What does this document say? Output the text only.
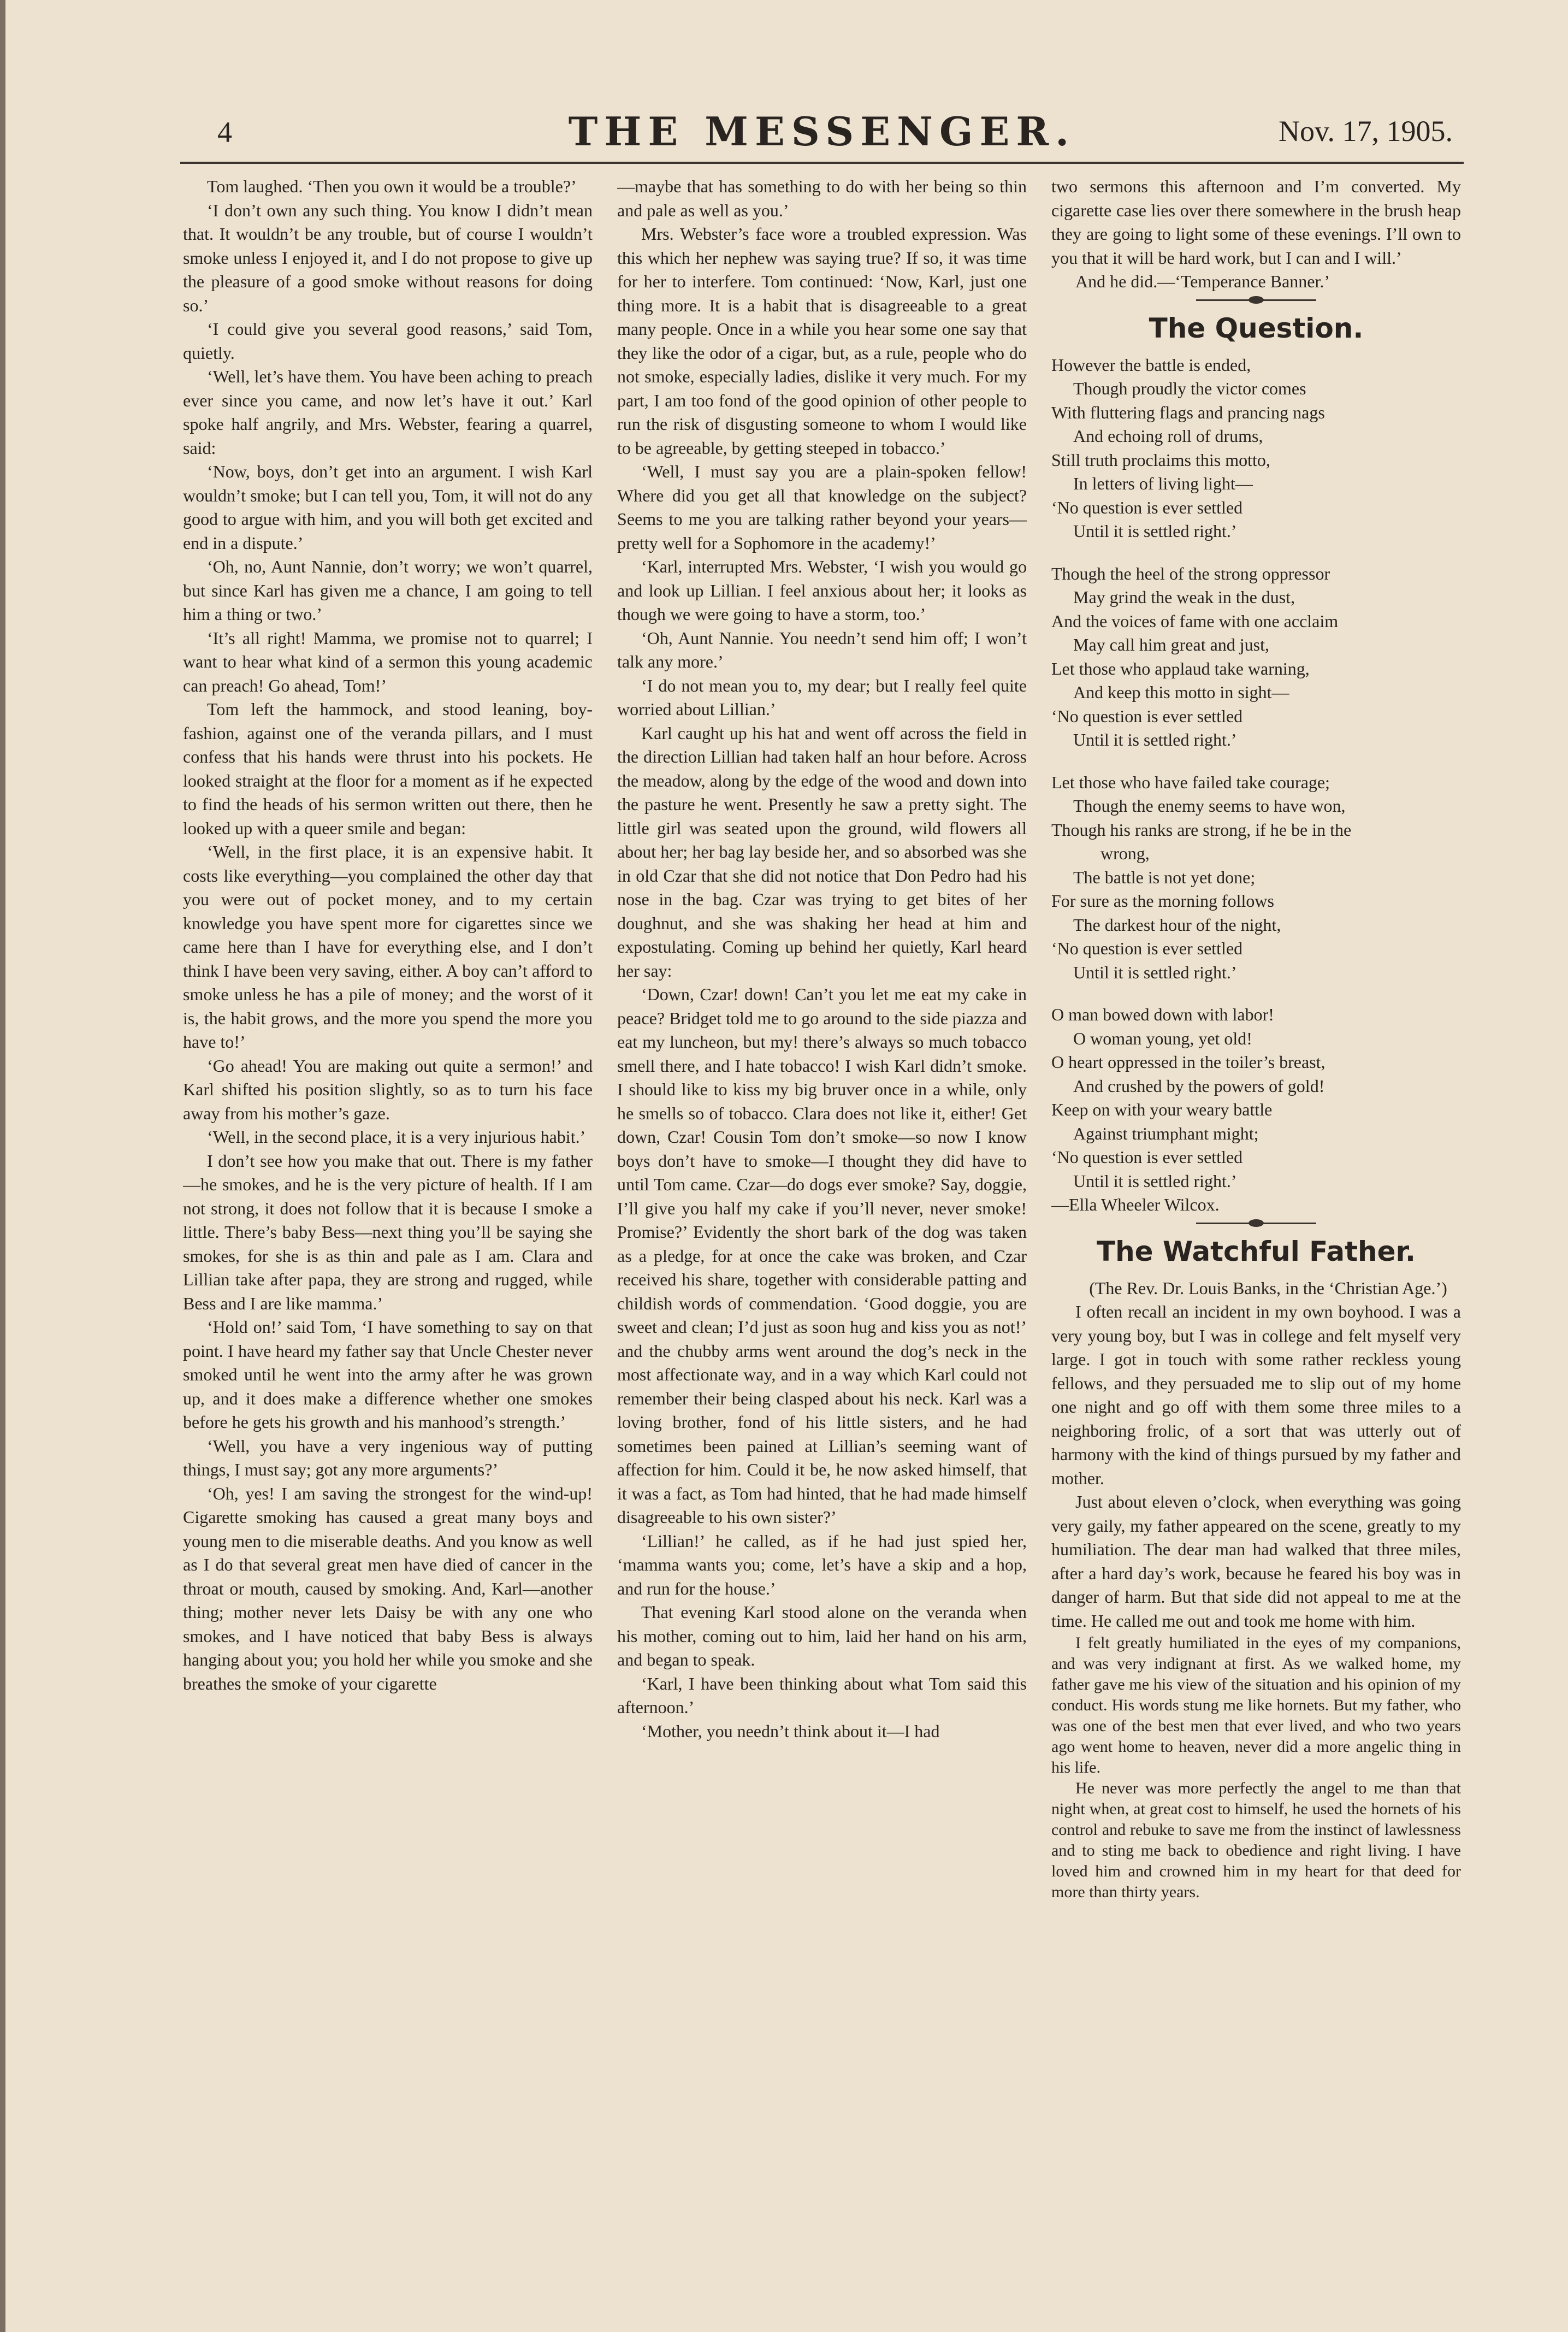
4	THE MESSENGER.	Nov. 17, 1905.

Tom laughed. ‘Then you own it would be a trouble?’

‘I don’t own any such thing. You know I didn’t mean that. It wouldn’t be any trouble, but of course I wouldn’t smoke unless I enjoyed it, and I do not propose to give up the pleasure of a good smoke without reasons for doing so.’

‘I could give you several good reasons,’ said Tom, quietly.

‘Well, let’s have them. You have been aching to preach ever since you came, and now let’s have it out.’ Karl spoke half angrily, and Mrs. Webster, fearing a quarrel, said:

‘Now, boys, don’t get into an argument. I wish Karl wouldn’t smoke; but I can tell you, Tom, it will not do any good to argue with him, and you will both get excited and end in a dispute.’

‘Oh, no, Aunt Nannie, don’t worry; we won’t quarrel, but since Karl has given me a chance, I am going to tell him a thing or two.’

‘It’s all right! Mamma, we promise not to quarrel; I want to hear what kind of a sermon this young academic can preach! Go ahead, Tom!’

Tom left the hammock, and stood leaning, boy-fashion, against one of the veranda pillars, and I must confess that his hands were thrust into his pockets. He looked straight at the floor for a moment as if he expected to find the heads of his sermon written out there, then he looked up with a queer smile and began:

‘Well, in the first place, it is an expensive habit. It costs like everything—you complained the other day that you were out of pocket money, and to my certain knowledge you have spent more for cigarettes since we came here than I have for everything else, and I don’t think I have been very saving, either. A boy can’t afford to smoke unless he has a pile of money; and the worst of it is, the habit grows, and the more you spend the more you have to!’

‘Go ahead! You are making out quite a sermon!’ and Karl shifted his position slightly, so as to turn his face away from his mother’s gaze.

‘Well, in the second place, it is a very injurious habit.’

I don’t see how you make that out. There is my father—he smokes, and he is the very picture of health. If I am not strong, it does not follow that it is because I smoke a little. There’s baby Bess—next thing you’ll be saying she smokes, for she is as thin and pale as I am. Clara and Lillian take after papa, they are strong and rugged, while Bess and I are like mamma.’

‘Hold on!’ said Tom, ‘I have something to say on that point. I have heard my father say that Uncle Chester never smoked until he went into the army after he was grown up, and it does make a difference whether one smokes before he gets his growth and his manhood’s strength.’

‘Well, you have a very ingenious way of putting things, I must say; got any more arguments?’

‘Oh, yes! I am saving the strongest for the wind-up! Cigarette smoking has caused a great many boys and young men to die miserable deaths. And you know as well as I do that several great men have died of cancer in the throat or mouth, caused by smoking. And, Karl—another thing; mother never lets Daisy be with any one who smokes, and I have noticed that baby Bess is always hanging about you; you hold her while you smoke and she breathes the smoke of your cigarette

—maybe that has something to do with her being so thin and pale as well as you.’

Mrs. Webster’s face wore a troubled expression. Was this which her nephew was saying true? If so, it was time for her to interfere. Tom continued: ‘Now, Karl, just one thing more. It is a habit that is disagreeable to a great many people. Once in a while you hear some one say that they like the odor of a cigar, but, as a rule, people who do not smoke, especially ladies, dislike it very much. For my part, I am too fond of the good opinion of other people to run the risk of disgusting someone to whom I would like to be agreeable, by getting steeped in tobacco.’

‘Well, I must say you are a plain-spoken fellow! Where did you get all that knowledge on the subject? Seems to me you are talking rather beyond your years—pretty well for a Sophomore in the academy!’

‘Karl, interrupted Mrs. Webster, ‘I wish you would go and look up Lillian. I feel anxious about her; it looks as though we were going to have a storm, too.’

‘Oh, Aunt Nannie. You needn’t send him off; I won’t talk any more.’

‘I do not mean you to, my dear; but I really feel quite worried about Lillian.’

Karl caught up his hat and went off across the field in the direction Lillian had taken half an hour before. Across the meadow, along by the edge of the wood and down into the pasture he went. Presently he saw a pretty sight. The little girl was seated upon the ground, wild flowers all about her; her bag lay beside her, and so absorbed was she in old Czar that she did not notice that Don Pedro had his nose in the bag. Czar was trying to get bites of her doughnut, and she was shaking her head at him and expostulating. Coming up behind her quietly, Karl heard her say:

‘Down, Czar! down! Can’t you let me eat my cake in peace? Bridget told me to go around to the side piazza and eat my luncheon, but my! there’s always so much tobacco smell there, and I hate tobacco! I wish Karl didn’t smoke. I should like to kiss my big bruver once in a while, only he smells so of tobacco. Clara does not like it, either! Get down, Czar! Cousin Tom don’t smoke—so now I know boys don’t have to smoke—I thought they did have to until Tom came. Czar—do dogs ever smoke? Say, doggie, I’ll give you half my cake if you’ll never, never smoke! Promise?’ Evidently the short bark of the dog was taken as a pledge, for at once the cake was broken, and Czar received his share, together with considerable patting and childish words of commendation. ‘Good doggie, you are sweet and clean; I’d just as soon hug and kiss you as not!’ and the chubby arms went around the dog’s neck in the most affectionate way, and in a way which Karl could not remember their being clasped about his neck. Karl was a loving brother, fond of his little sisters, and he had sometimes been pained at Lillian’s seeming want of affection for him. Could it be, he now asked himself, that it was a fact, as Tom had hinted, that he had made himself disagreeable to his own sister?’

‘Lillian!’ he called, as if he had just spied her, ‘mamma wants you; come, let’s have a skip and a hop, and run for the house.’

That evening Karl stood alone on the veranda when his mother, coming out to him, laid her hand on his arm, and began to speak.

‘Karl, I have been thinking about what Tom said this afternoon.’

‘Mother, you needn’t think about it—I had

two sermons this afternoon and I’m converted. My cigarette case lies over there somewhere in the brush heap they are going to light some of these evenings. I’ll own to you that it will be hard work, but I can and I will.’

And he did.—‘Temperance Banner.’

The Question.

However the battle is ended,

Though proudly the victor comes

With fluttering flags and prancing nags

And echoing roll of drums,

Still truth proclaims this motto,

In letters of living light—

‘No question is ever settled

Until it is settled right.’

Though the heel of the strong oppressor

May grind the weak in the dust,

And the voices of fame with one acclaim

May call him great and just,

Let those who applaud take warning,

And keep this motto in sight—

‘No question is ever settled

Until it is settled right.’

Let those who have failed take courage;

Though the enemy seems to have won,

Though his ranks are strong, if he be in the

wrong,

The battle is not yet done;

For sure as the morning follows

The darkest hour of the night,

‘No question is ever settled

Until it is settled right.’

O man bowed down with labor!

O woman young, yet old!

O heart oppressed in the toiler’s breast,

And crushed by the powers of gold!

Keep on with your weary battle

Against triumphant might;

‘No question is ever settled

Until it is settled right.’

—Ella Wheeler Wilcox.

The Watchful Father.

(The Rev. Dr. Louis Banks, in the ‘Christian Age.’)

I often recall an incident in my own boyhood. I was a very young boy, but I was in college and felt myself very large. I got in touch with some rather reckless young fellows, and they persuaded me to slip out of my home one night and go off with them some three miles to a neighboring frolic, of a sort that was utterly out of harmony with the kind of things pursued by my father and mother.

Just about eleven o’clock, when everything was going very gaily, my father appeared on the scene, greatly to my humiliation. The dear man had walked that three miles, after a hard day’s work, because he feared his boy was in danger of harm. But that side did not appeal to me at the time. He called me out and took me home with him.

I felt greatly humiliated in the eyes of my companions, and was very indignant at first. As we walked home, my father gave me his view of the situation and his opinion of my conduct. His words stung me like hornets. But my father, who was one of the best men that ever lived, and who two years ago went home to heaven, never did a more angelic thing in his life.

He never was more perfectly the angel to me than that night when, at great cost to himself, he used the hornets of his control and rebuke to save me from the instinct of lawlessness and to sting me back to obedience and right living. I have loved him and crowned him in my heart for that deed for more than thirty years.
